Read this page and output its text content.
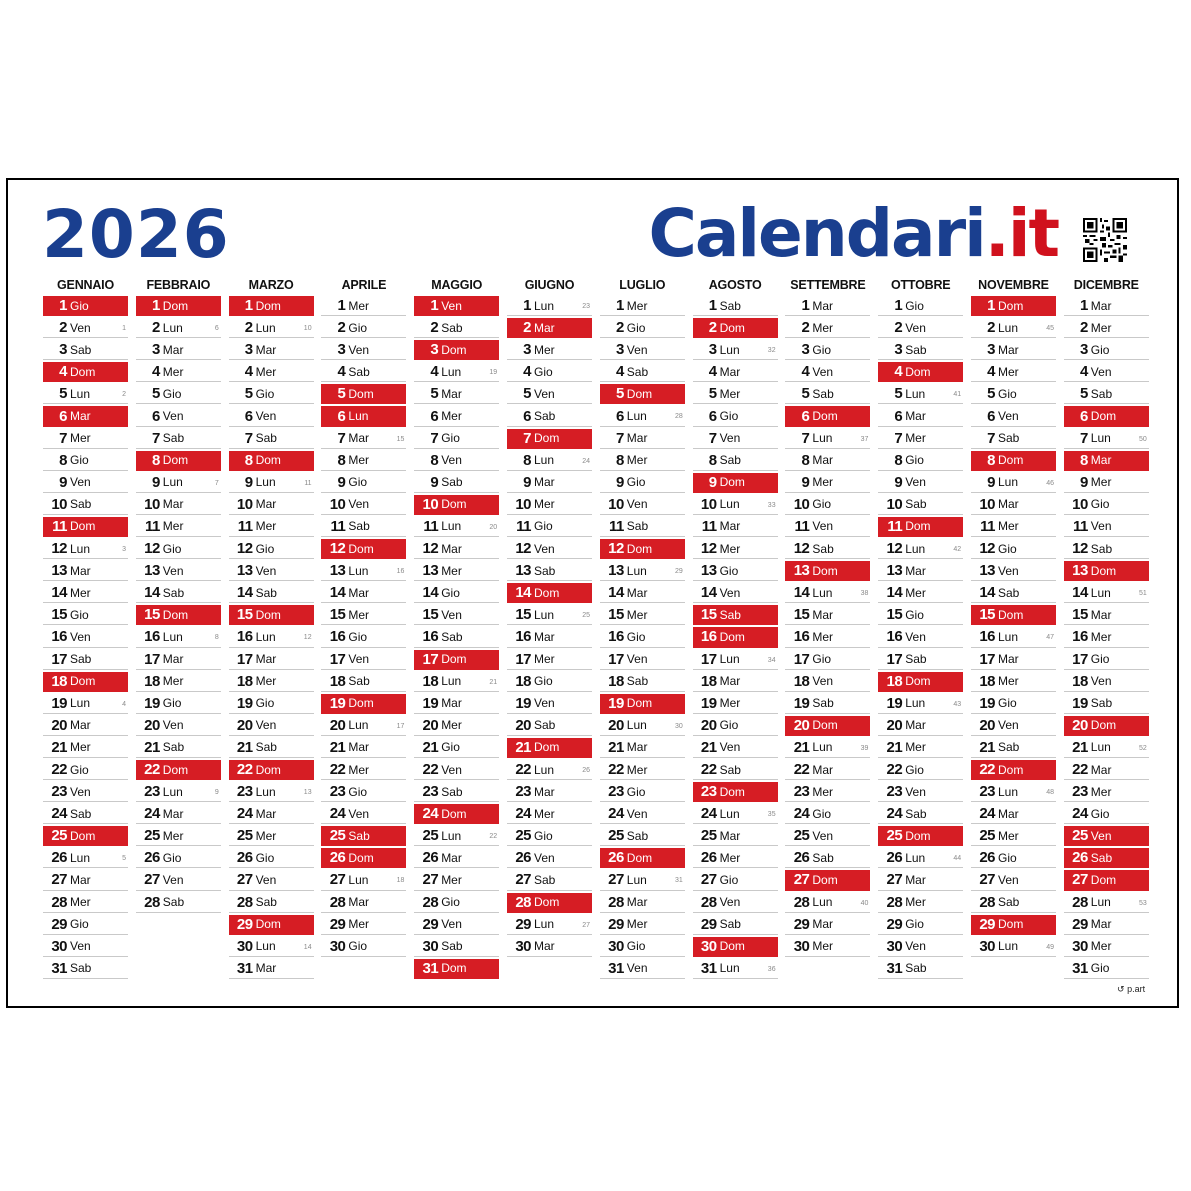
2026	Calendari.it
GENNAIO
1 Gio
2 Ven	1
3 Sab
4 Dom
5 Lun	2
6 Mar
7 Mer
8 Gio
9 Ven
10 Sab
11 Dom
12 Lun	3
13 Mar
14 Mer
15 Gio
16 Ven
17 Sab
18 Dom
19 Lun	4
20 Mar
21 Mer
22 Gio
23 Ven
24 Sab
25 Dom
26 Lun	5
27 Mar
28 Mer
29 Gio
30 Ven
31 Sab
FEBBRAIO
1 Dom
2 Lun	6
3 Mar
4 Mer
5 Gio
6 Ven
7 Sab
8 Dom
9 Lun	7
10 Mar
11 Mer
12 Gio
13 Ven
14 Sab
15 Dom
16 Lun	8
17 Mar
18 Mer
19 Gio
20 Ven
21 Sab
22 Dom
23 Lun	9
24 Mar
25 Mer
26 Gio
27 Ven
28 Sab
MARZO
1 Dom
2 Lun	10
3 Mar
4 Mer
5 Gio
6 Ven
7 Sab
8 Dom
9 Lun	11
10 Mar
11 Mer
12 Gio
13 Ven
14 Sab
15 Dom
16 Lun	12
17 Mar
18 Mer
19 Gio
20 Ven
21 Sab
22 Dom
23 Lun	13
24 Mar
25 Mer
26 Gio
27 Ven
28 Sab
29 Dom
30 Lun	14
31 Mar
APRILE
1 Mer
2 Gio
3 Ven
4 Sab
5 Dom
6 Lun
7 Mar	15
8 Mer
9 Gio
10 Ven
11 Sab
12 Dom
13 Lun	16
14 Mar
15 Mer
16 Gio
17 Ven
18 Sab
19 Dom
20 Lun	17
21 Mar
22 Mer
23 Gio
24 Ven
25 Sab
26 Dom
27 Lun	18
28 Mar
29 Mer
30 Gio
MAGGIO
1 Ven
2 Sab
3 Dom
4 Lun	19
5 Mar
6 Mer
7 Gio
8 Ven
9 Sab
10 Dom
11 Lun	20
12 Mar
13 Mer
14 Gio
15 Ven
16 Sab
17 Dom
18 Lun	21
19 Mar
20 Mer
21 Gio
22 Ven
23 Sab
24 Dom
25 Lun	22
26 Mar
27 Mer
28 Gio
29 Ven
30 Sab
31 Dom
GIUGNO
1 Lun	23
2 Mar
3 Mer
4 Gio
5 Ven
6 Sab
7 Dom
8 Lun	24
9 Mar
10 Mer
11 Gio
12 Ven
13 Sab
14 Dom
15 Lun	25
16 Mar
17 Mer
18 Gio
19 Ven
20 Sab
21 Dom
22 Lun	26
23 Mar
24 Mer
25 Gio
26 Ven
27 Sab
28 Dom
29 Lun	27
30 Mar
LUGLIO
1 Mer
2 Gio
3 Ven
4 Sab
5 Dom
6 Lun	28
7 Mar
8 Mer
9 Gio
10 Ven
11 Sab
12 Dom
13 Lun	29
14 Mar
15 Mer
16 Gio
17 Ven
18 Sab
19 Dom
20 Lun	30
21 Mar
22 Mer
23 Gio
24 Ven
25 Sab
26 Dom
27 Lun	31
28 Mar
29 Mer
30 Gio
31 Ven
AGOSTO
1 Sab
2 Dom
3 Lun	32
4 Mar
5 Mer
6 Gio
7 Ven
8 Sab
9 Dom
10 Lun	33
11 Mar
12 Mer
13 Gio
14 Ven
15 Sab
16 Dom
17 Lun	34
18 Mar
19 Mer
20 Gio
21 Ven
22 Sab
23 Dom
24 Lun	35
25 Mar
26 Mer
27 Gio
28 Ven
29 Sab
30 Dom
31 Lun	36
SETTEMBRE
1 Mar
2 Mer
3 Gio
4 Ven
5 Sab
6 Dom
7 Lun	37
8 Mar
9 Mer
10 Gio
11 Ven
12 Sab
13 Dom
14 Lun	38
15 Mar
16 Mer
17 Gio
18 Ven
19 Sab
20 Dom
21 Lun	39
22 Mar
23 Mer
24 Gio
25 Ven
26 Sab
27 Dom
28 Lun	40
29 Mar
30 Mer
OTTOBRE
1 Gio
2 Ven
3 Sab
4 Dom
5 Lun	41
6 Mar
7 Mer
8 Gio
9 Ven
10 Sab
11 Dom
12 Lun	42
13 Mar
14 Mer
15 Gio
16 Ven
17 Sab
18 Dom
19 Lun	43
20 Mar
21 Mer
22 Gio
23 Ven
24 Sab
25 Dom
26 Lun	44
27 Mar
28 Mer
29 Gio
30 Ven
31 Sab
NOVEMBRE
1 Dom
2 Lun	45
3 Mar
4 Mer
5 Gio
6 Ven
7 Sab
8 Dom
9 Lun	46
10 Mar
11 Mer
12 Gio
13 Ven
14 Sab
15 Dom
16 Lun	47
17 Mar
18 Mer
19 Gio
20 Ven
21 Sab
22 Dom
23 Lun	48
24 Mar
25 Mer
26 Gio
27 Ven
28 Sab
29 Dom
30 Lun	49
DICEMBRE
1 Mar
2 Mer
3 Gio
4 Ven
5 Sab
6 Dom
7 Lun	50
8 Mar
9 Mer
10 Gio
11 Ven
12 Sab
13 Dom
14 Lun	51
15 Mar
16 Mer
17 Gio
18 Ven
19 Sab
20 Dom
21 Lun	52
22 Mar
23 Mer
24 Gio
25 Ven
26 Sab
27 Dom
28 Lun	53
29 Mar
30 Mer
31 Gio
↺ p.art
